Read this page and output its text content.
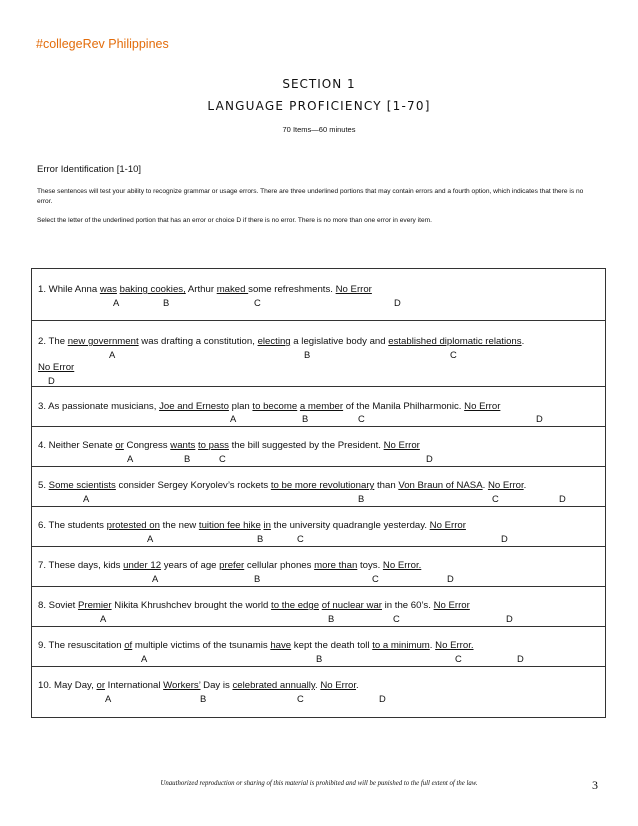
#collegeRev Philippines
SECTION 1
LANGUAGE PROFICIENCY [1-70]
70 Items—60 minutes
Error Identification [1-10]
These sentences will test your ability to recognize grammar or usage errors. There are three underlined portions that may contain errors and a fourth option, which indicates that there is no error.
Select the letter of the underlined portion that has an error or choice D if there is no error. There is no more than one error in every item.
1. While Anna was baking cookies, Arthur maked some refreshments. No Error
A	B	C	D
2. The new government was drafting a constitution, electing a legislative body and established diplomatic relations.
A	B	C
No Error
D
3. As passionate musicians, Joe and Ernesto plan to become a member of the Manila Philharmonic. No Error
A	B	C	D
4. Neither Senate or Congress wants to pass the bill suggested by the President. No Error
A	B	C	D
5. Some scientists consider Sergey Koryolev’s rockets to be more revolutionary than Von Braun of NASA. No Error.
A	B	C	D
6. The students protested on the new tuition fee hike in the university quadrangle yesterday. No Error
A	B	C	D
7. These days, kids under 12 years of age prefer cellular phones more than toys. No Error.
A	B	C	D
8. Soviet Premier Nikita Khrushchev brought the world to the edge of nuclear war in the 60’s. No Error
A	B	C	D
9. The resuscitation of multiple victims of the tsunamis have kept the death toll to a minimum. No Error.
A	B	C	D
10. May Day, or International Workers’ Day is celebrated annually. No Error.
A	B	C	D
Unauthorized reproduction or sharing of this material is prohibited and will be punished to the full extent of the law.	3
